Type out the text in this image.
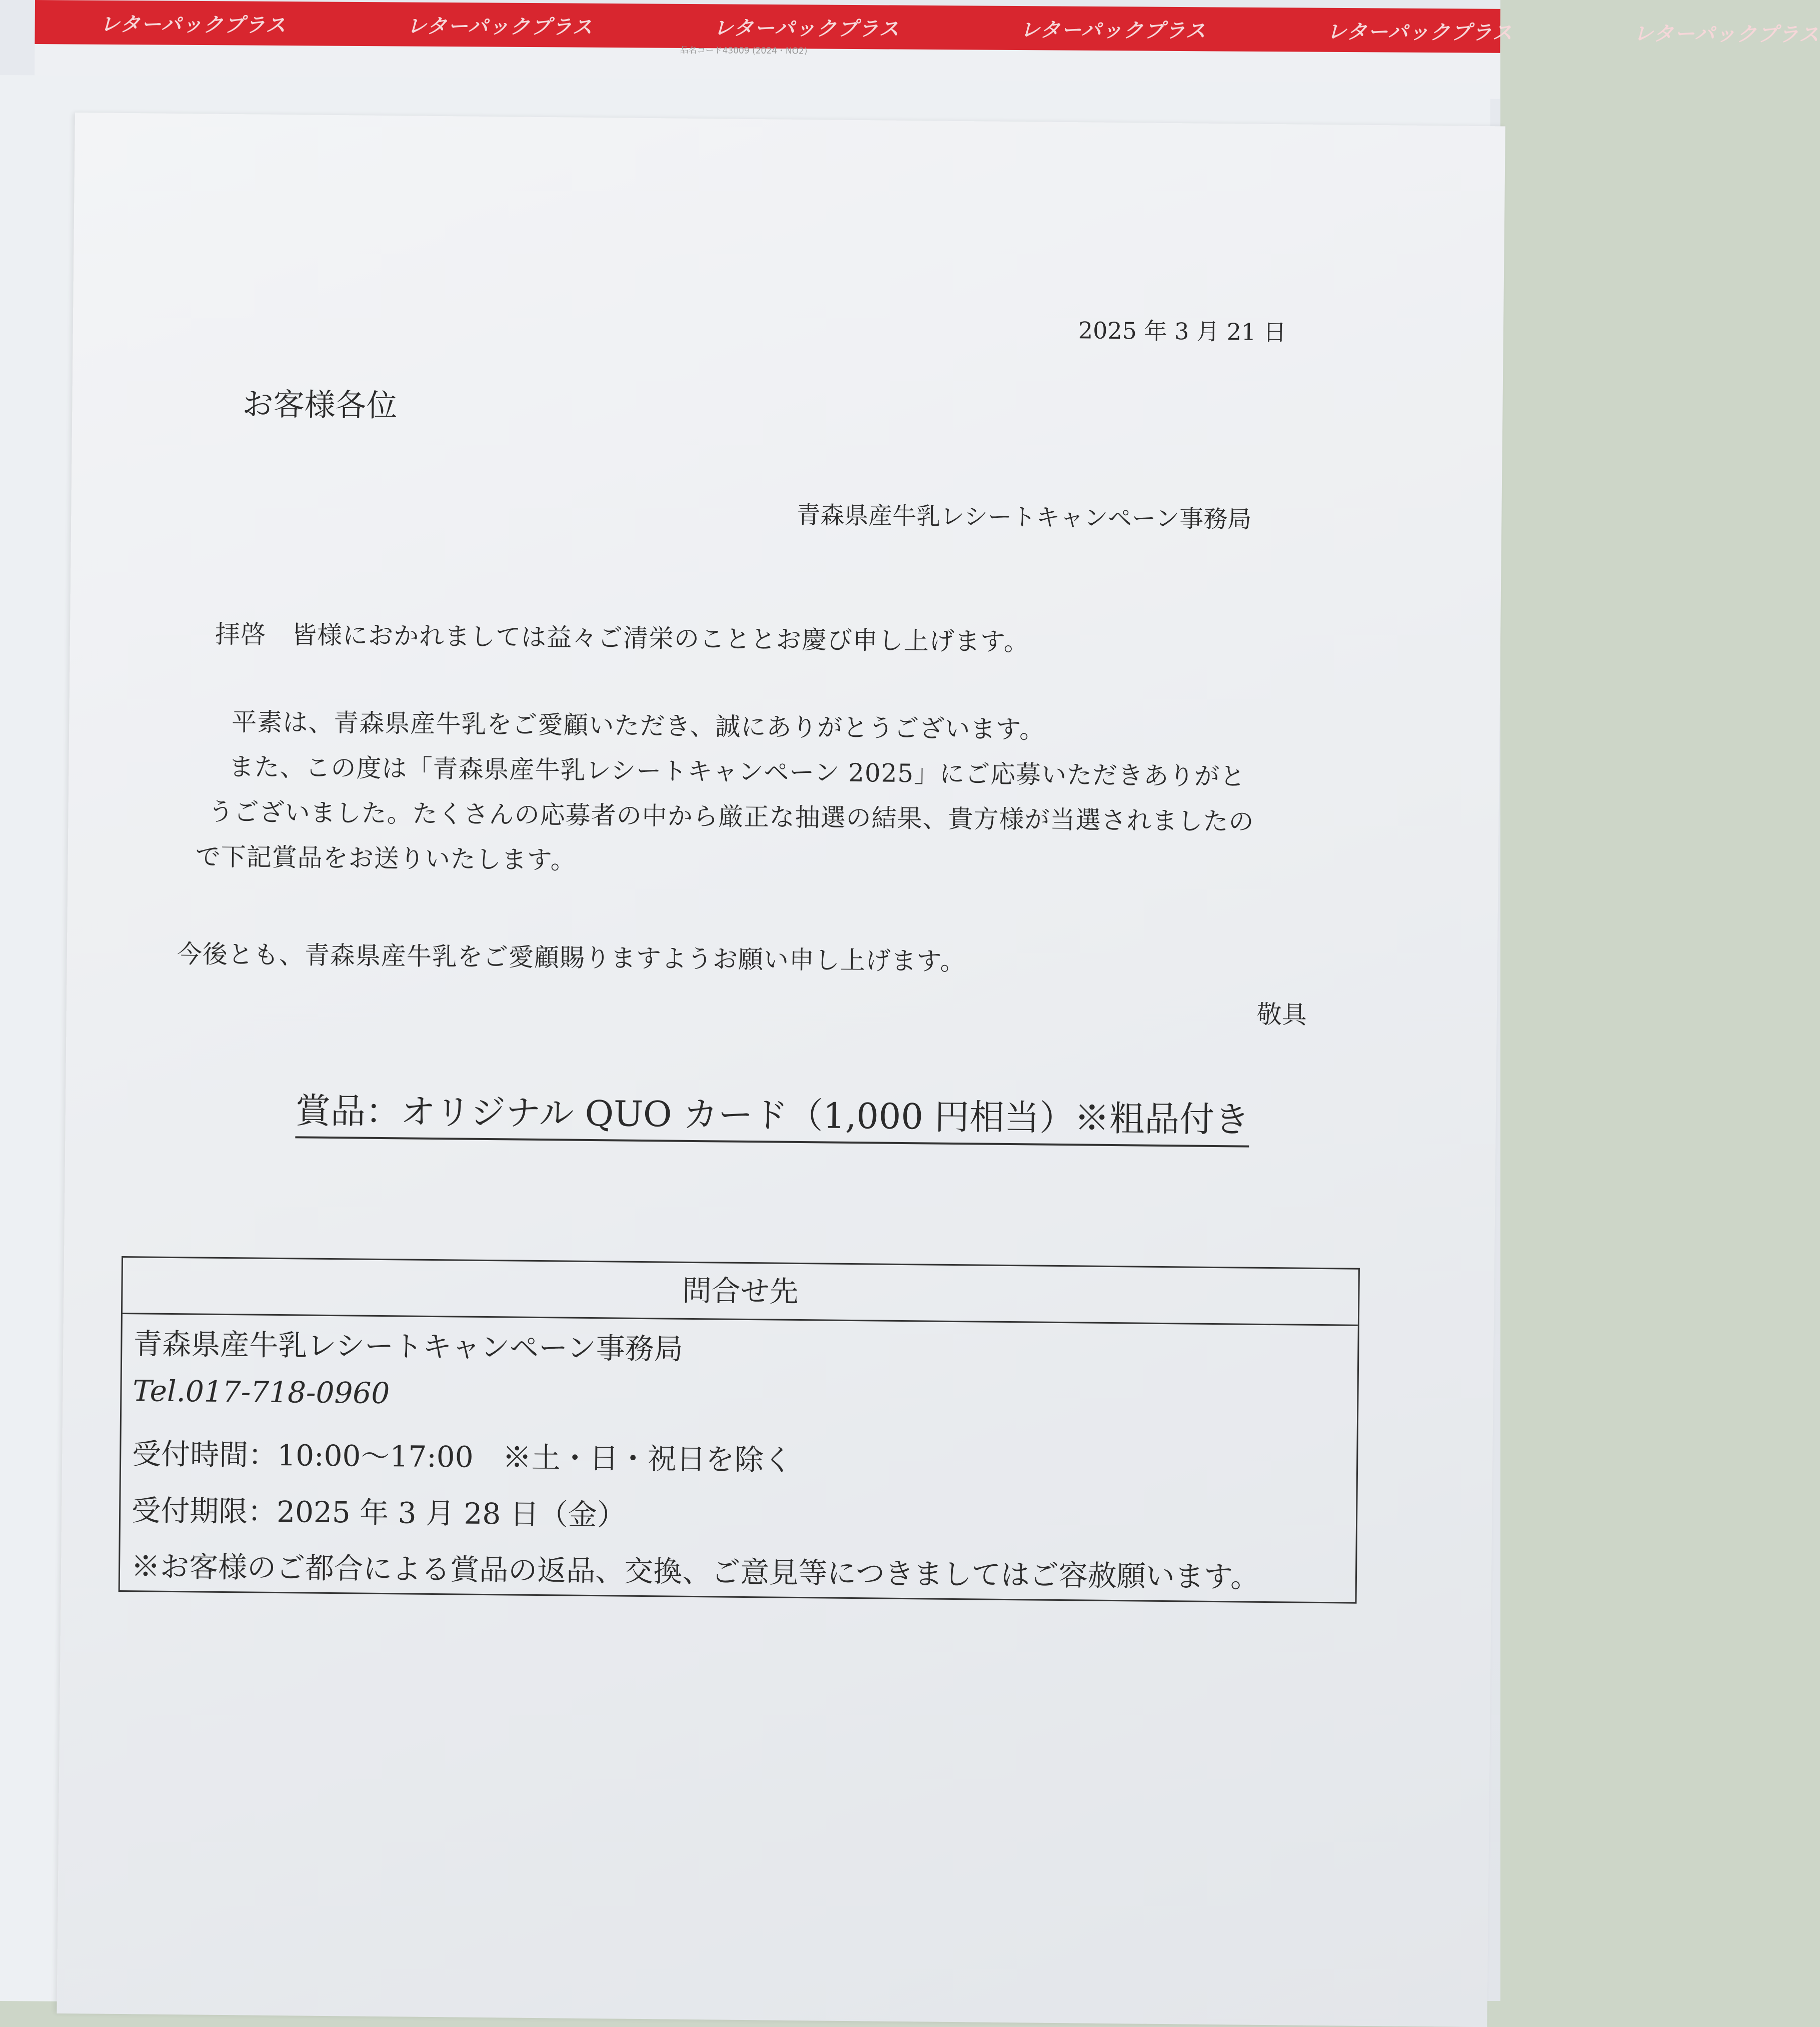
レターパックプラス	レターパックプラス	レターパックプラス	レターパックプラス	レターパックプラス	レターパックプラス
品名コード43009 (2024・NO2)
2025 年 3 月 21 日
お客様各位
青森県産牛乳レシートキャンペーン事務局
拝啓　皆様におかれましては益々ご清栄のこととお慶び申し上げます。
平素は、青森県産牛乳をご愛顧いただき、誠にありがとうございます。
また、この度は「青森県産牛乳レシートキャンペーン 2025」にご応募いただきありがと
うございました。たくさんの応募者の中から厳正な抽選の結果、貴方様が当選されましたの
で下記賞品をお送りいたします。
今後とも、青森県産牛乳をご愛顧賜りますようお願い申し上げます。
敬具
賞品：オリジナル QUO カード（1,000 円相当）※粗品付き
問合せ先
青森県産牛乳レシートキャンペーン事務局
Tel.017-718-0960
受付時間：10:00～17:00　※土・日・祝日を除く
受付期限：2025 年 3 月 28 日（金）
※お客様のご都合による賞品の返品、交換、ご意見等につきましてはご容赦願います。
